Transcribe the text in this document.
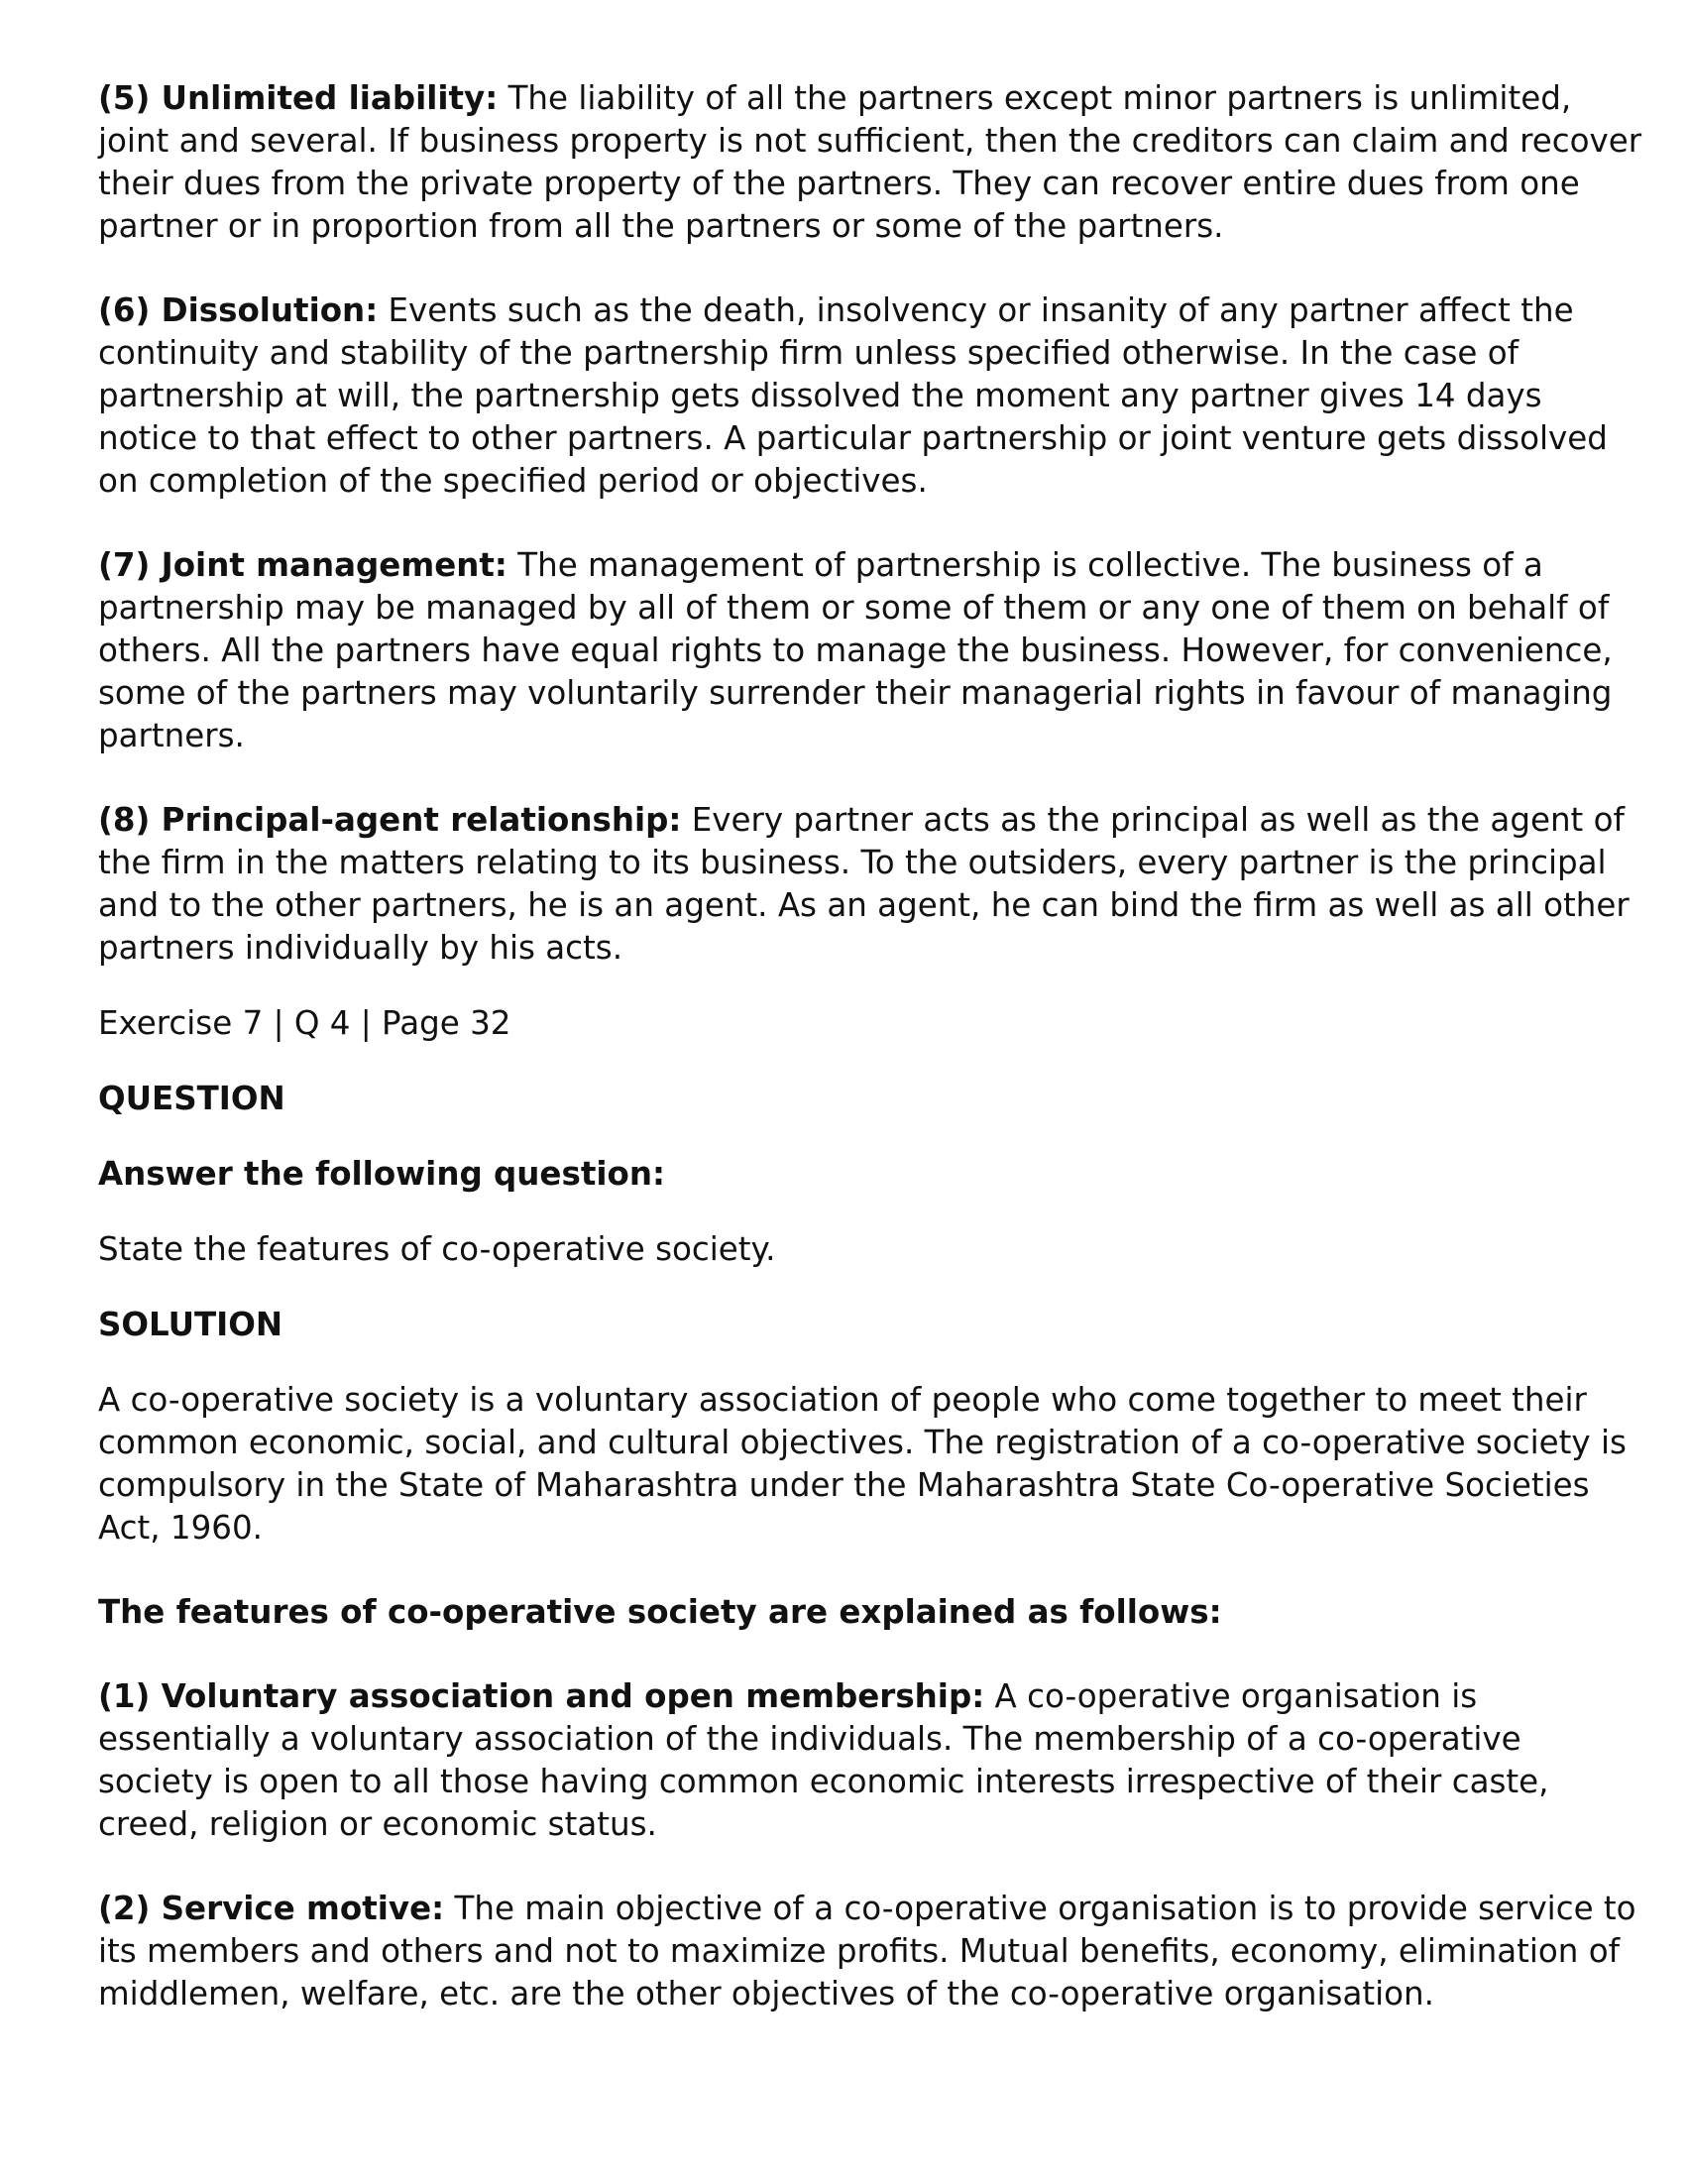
(5) Unlimited liability: The liability of all the partners except minor partners is unlimited, joint and several. If business property is not sufficient, then the creditors can claim and recover their dues from the private property of the partners. They can recover entire dues from one partner or in proportion from all the partners or some of the partners.

(6) Dissolution: Events such as the death, insolvency or insanity of any partner affect the continuity and stability of the partnership firm unless specified otherwise. In the case of partnership at will, the partnership gets dissolved the moment any partner gives 14 days notice to that effect to other partners. A particular partnership or joint venture gets dissolved on completion of the specified period or objectives.

(7) Joint management: The management of partnership is collective. The business of a partnership may be managed by all of them or some of them or any one of them on behalf of others. All the partners have equal rights to manage the business. However, for convenience, some of the partners may voluntarily surrender their managerial rights in favour of managing partners.

(8) Principal-agent relationship: Every partner acts as the principal as well as the agent of the firm in the matters relating to its business. To the outsiders, every partner is the principal and to the other partners, he is an agent. As an agent, he can bind the firm as well as all other partners individually by his acts.

Exercise 7 | Q 4 | Page 32

QUESTION

Answer the following question:

State the features of co-operative society.

SOLUTION

A co-operative society is a voluntary association of people who come together to meet their common economic, social, and cultural objectives. The registration of a co-operative society is compulsory in the State of Maharashtra under the Maharashtra State Co-operative Societies Act, 1960.

The features of co-operative society are explained as follows:

(1) Voluntary association and open membership: A co-operative organisation is essentially a voluntary association of the individuals. The membership of a co-operative society is open to all those having common economic interests irrespective of their caste, creed, religion or economic status.

(2) Service motive: The main objective of a co-operative organisation is to provide service to its members and others and not to maximize profits. Mutual benefits, economy, elimination of middlemen, welfare, etc. are the other objectives of the co-operative organisation.
